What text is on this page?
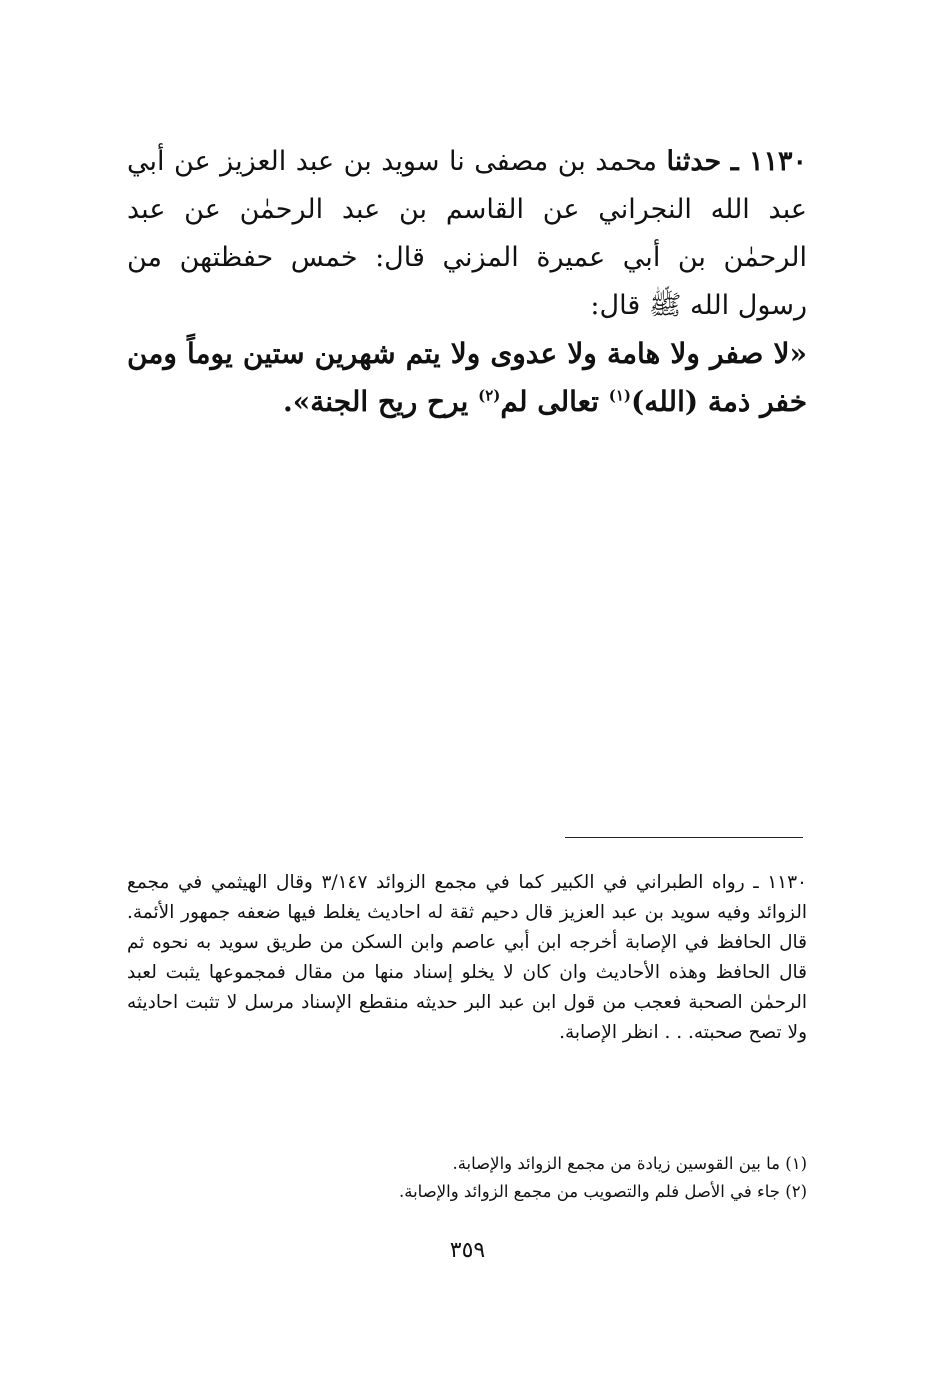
١١٣٠ ـ حدثنا محمد بن مصفى نا سويد بن عبد العزيز عن أبي عبد الله النجراني عن القاسم بن عبد الرحمٰن عن عبد الرحمٰن بن أبي عميرة المزني قال: خمس حفظتهن من رسول الله ﷺ قال:

«لا صفر ولا هامة ولا عدوى ولا يتم شهرين ستين يوماً ومن خفر ذمة (الله)$^{(١)}$ تعالى لم$^{(٢)}$ يرح ريح الجنة».

١١٣٠ ـ رواه الطبراني في الكبير كما في مجمع الزوائد ٣/١٤٧ وقال الهيثمي في مجمع الزوائد وفيه سويد بن عبد العزيز قال دحيم ثقة له احاديث يغلط فيها ضعفه جمهور الأئمة. قال الحافظ في الإصابة أخرجه ابن أبي عاصم وابن السكن من طريق سويد به نحوه ثم قال الحافظ وهذه الأحاديث وان كان لا يخلو إسناد منها من مقال فمجموعها يثبت لعبد الرحمٰن الصحبة فعجب من قول ابن عبد البر حديثه منقطع الإسناد مرسل لا تثبت احاديثه ولا تصح صحبته. . . انظر الإصابة.

(١) ما بين القوسين زيادة من مجمع الزوائد والإصابة.

(٢) جاء في الأصل فلم والتصويب من مجمع الزوائد والإصابة.

٣٥٩
